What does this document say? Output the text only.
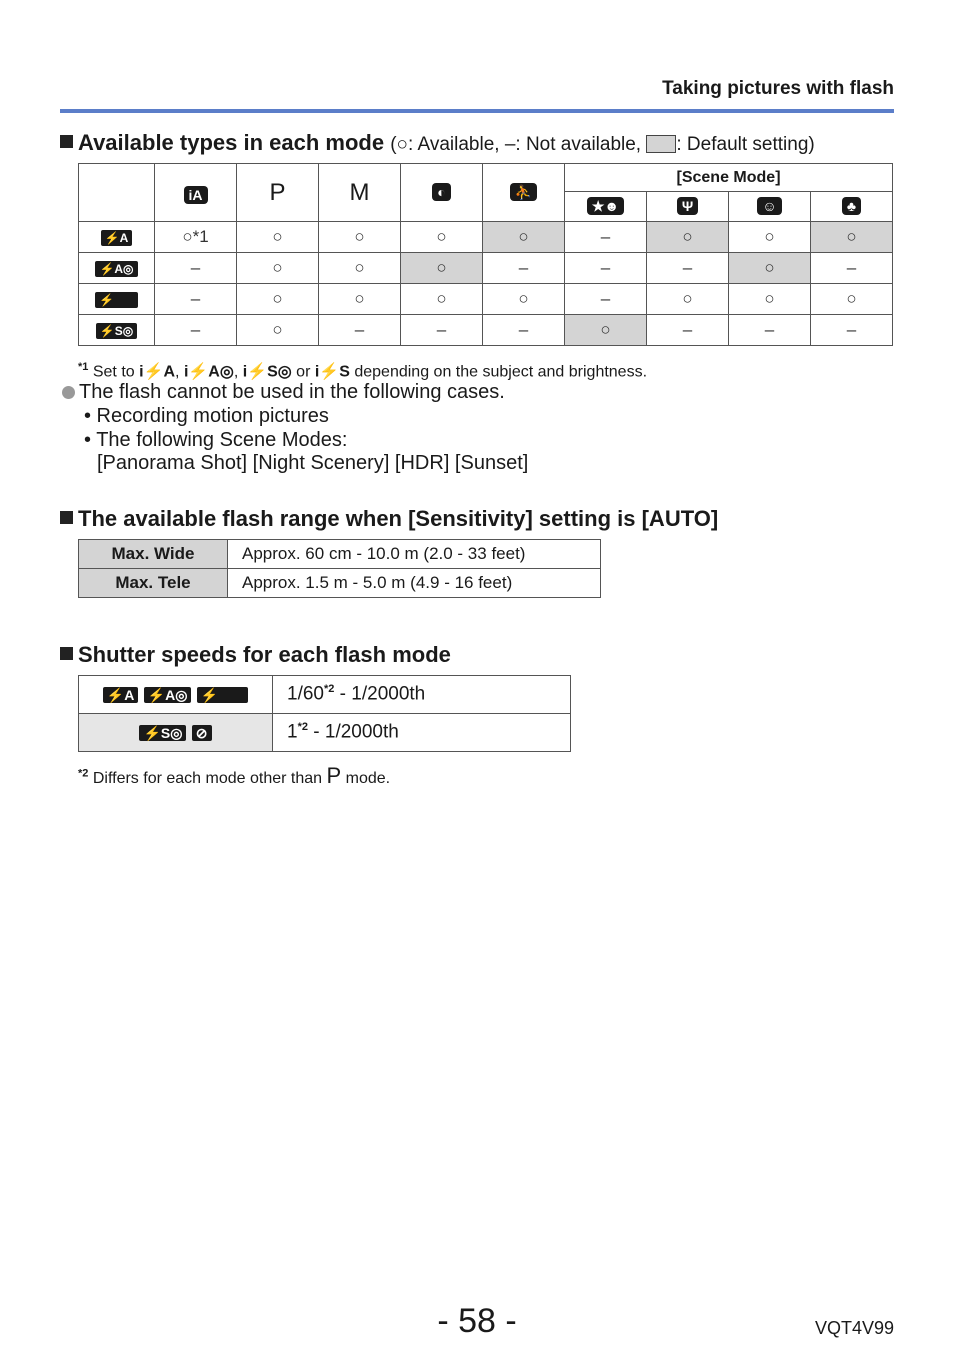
Taking pictures with flash
Available types in each mode (○: Available, –: Not available, : Default setting)
	iA	P	M	◐	⛹	[Scene Mode]			
						★☻	Ψ	☺	♣
⚡A	○*1	○	○	○	○	–	○	○	○
⚡A◎	–	○	○	○	–	–	–	○	–
⚡	–	○	○	○	○	–	○	○	○
⚡S◎	–	○	–	–	–	○	–	–	–
$^{*1}$ Set to i⚡A, i⚡A◎, i⚡S◎ or i⚡S depending on the subject and brightness.
The flash cannot be used in the following cases.
• Recording motion pictures
• The following Scene Modes:
[Panorama Shot] [Night Scenery] [HDR] [Sunset]
The available flash range when [Sensitivity] setting is [AUTO]
Max. Wide	Approx. 60 cm - 10.0 m (2.0 - 33 feet)
Max. Tele	Approx. 1.5 m - 5.0 m (4.9 - 16 feet)
Shutter speeds for each flash mode
⚡A ⚡A◎ ⚡	1/60$^{*2}$ - 1/2000th
⚡S◎ ⊘	1$^{*2}$ - 1/2000th
$^{*2}$ Differs for each mode other than P mode.
- 58 -	VQT4V99
